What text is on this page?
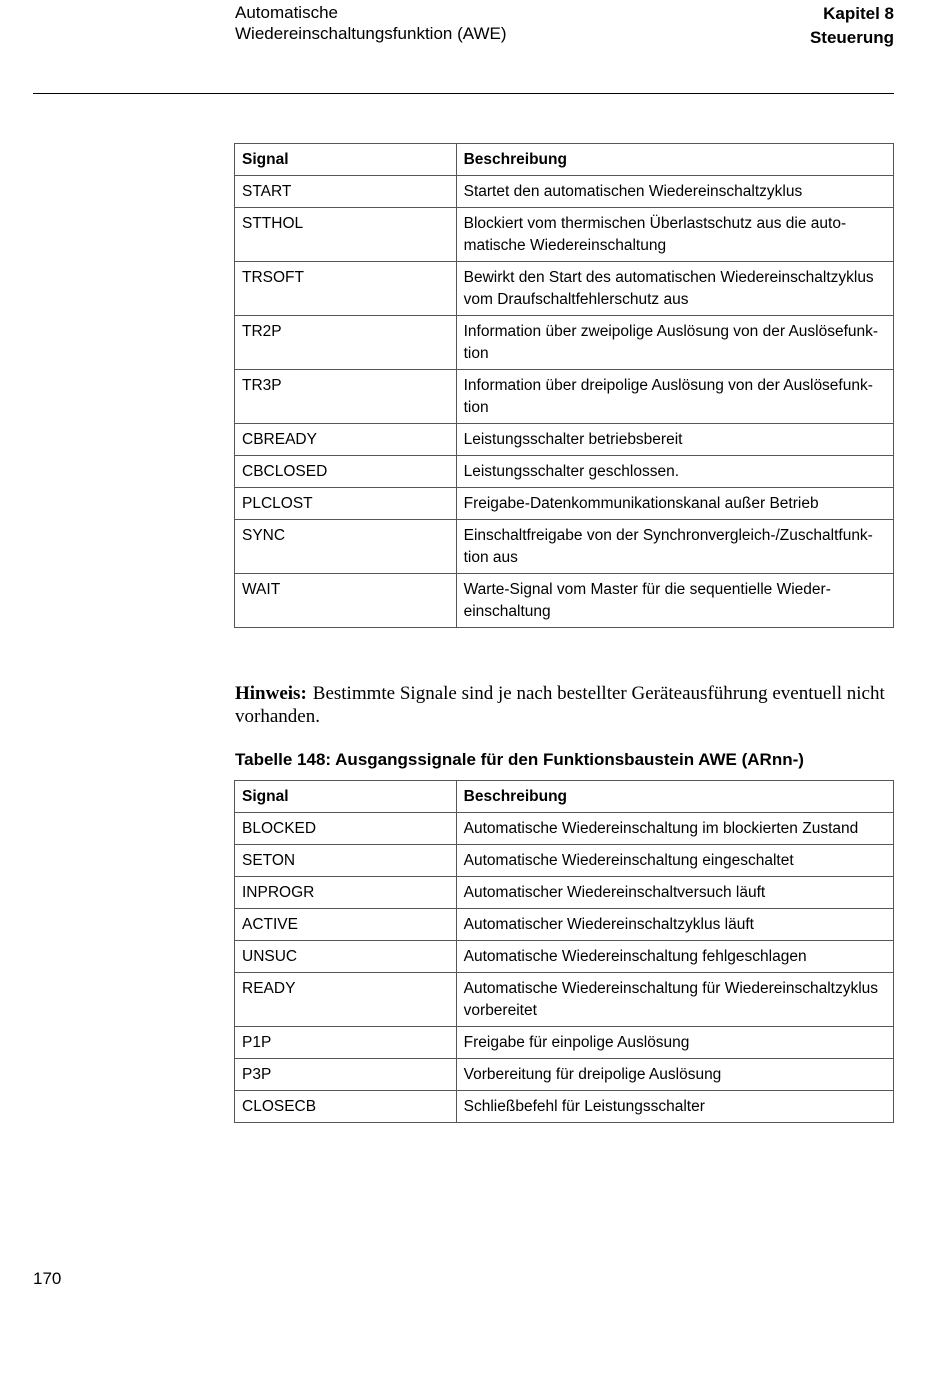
Automatische
Wiedereinschaltungsfunktion (AWE)
Kapitel 8
Steuerung
Signal	Beschreibung
START	Startet den automatischen Wiedereinschaltzyklus
STTHOL	Blockiert vom thermischen Überlastschutz aus die auto-
matische Wiedereinschaltung
TRSOFT	Bewirkt den Start des automatischen Wiedereinschaltzyklus
vom Draufschaltfehlerschutz aus
TR2P	Information über zweipolige Auslösung von der Auslösefunk-
tion
TR3P	Information über dreipolige Auslösung von der Auslösefunk-
tion
CBREADY	Leistungsschalter betriebsbereit
CBCLOSED	Leistungsschalter geschlossen.
PLCLOST	Freigabe-Datenkommunikationskanal außer Betrieb
SYNC	Einschaltfreigabe von der Synchronvergleich-/Zuschaltfunk-
tion aus
WAIT	Warte-Signal vom Master für die sequentielle Wieder-
einschaltung
Hinweis: Bestimmte Signale sind je nach bestellter Geräteausführung eventuell nicht vorhanden.
Tabelle 148: Ausgangssignale für den Funktionsbaustein AWE (ARnn-)
Signal	Beschreibung
BLOCKED	Automatische Wiedereinschaltung im blockierten Zustand
SETON	Automatische Wiedereinschaltung eingeschaltet
INPROGR	Automatischer Wiedereinschaltversuch läuft
ACTIVE	Automatischer Wiedereinschaltzyklus läuft
UNSUC	Automatische Wiedereinschaltung fehlgeschlagen
READY	Automatische Wiedereinschaltung für Wiedereinschaltzyklus
vorbereitet
P1P	Freigabe für einpolige Auslösung
P3P	Vorbereitung für dreipolige Auslösung
CLOSECB	Schließbefehl für Leistungsschalter
170
